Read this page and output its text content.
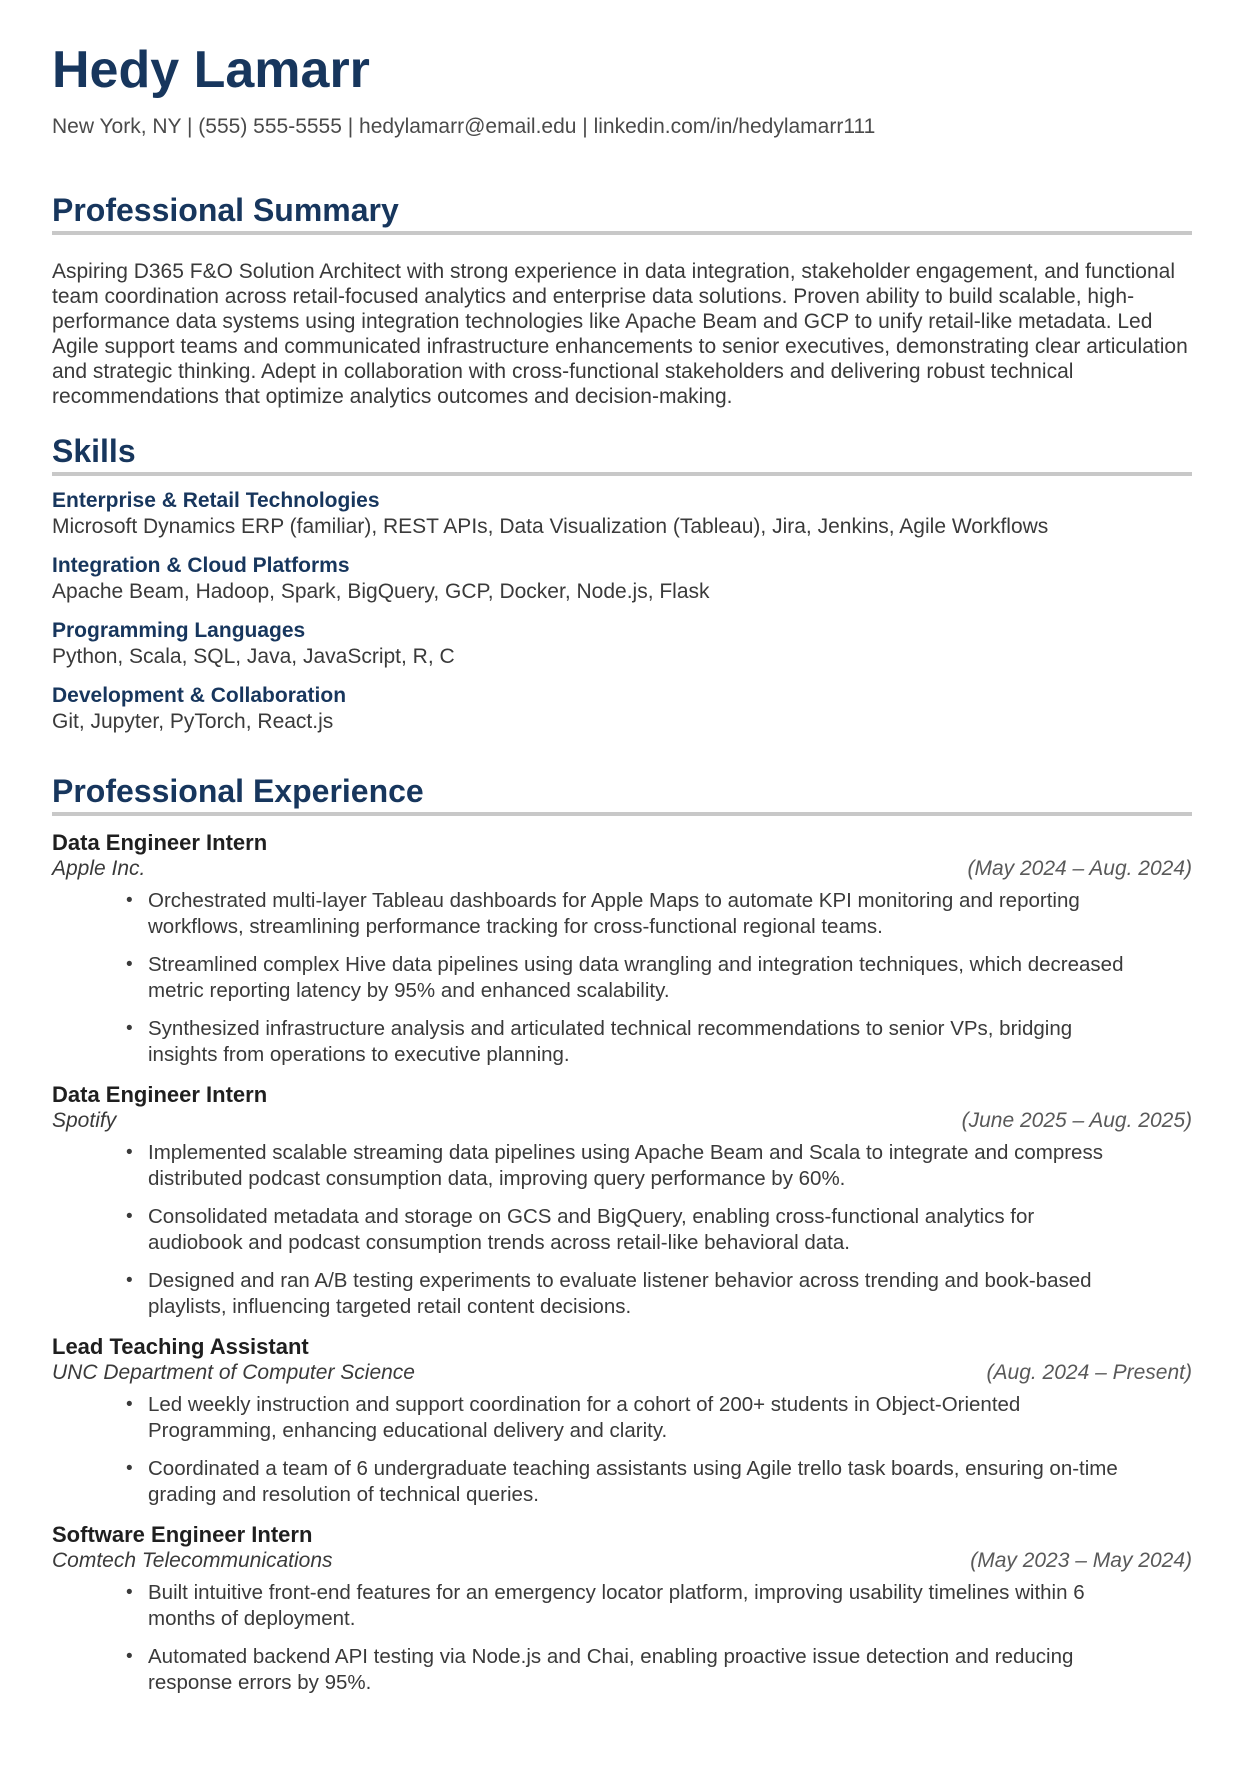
Hedy Lamarr
New York, NY | (555) 555-5555 | hedylamarr@email.edu | linkedin.com/in/hedylamarr111
Professional Summary

Aspiring D365 F&O Solution Architect with strong experience in data integration, stakeholder engagement, and functional team coordination across retail-focused analytics and enterprise data solutions. Proven ability to build scalable, high-performance data systems using integration technologies like Apache Beam and GCP to unify retail-like metadata. Led Agile support teams and communicated infrastructure enhancements to senior executives, demonstrating clear articulation and strategic thinking. Adept in collaboration with cross-functional stakeholders and delivering robust technical recommendations that optimize analytics outcomes and decision-making.

Skills
Enterprise & Retail Technologies

Microsoft Dynamics ERP (familiar), REST APIs, Data Visualization (Tableau), Jira, Jenkins, Agile Workflows

Integration & Cloud Platforms

Apache Beam, Hadoop, Spark, BigQuery, GCP, Docker, Node.js, Flask

Programming Languages

Python, Scala, SQL, Java, JavaScript, R, C

Development & Collaboration

Git, Jupyter, PyTorch, React.js

Professional Experience
Data Engineer Intern
Apple Inc.	(May 2024 – Aug. 2024)
• Orchestrated multi-layer Tableau dashboards for Apple Maps to automate KPI monitoring and reporting workflows, streamlining performance tracking for cross-functional regional teams.
• Streamlined complex Hive data pipelines using data wrangling and integration techniques, which decreased metric reporting latency by 95% and enhanced scalability.
• Synthesized infrastructure analysis and articulated technical recommendations to senior VPs, bridging insights from operations to executive planning.
Data Engineer Intern
Spotify	(June 2025 – Aug. 2025)
• Implemented scalable streaming data pipelines using Apache Beam and Scala to integrate and compress distributed podcast consumption data, improving query performance by 60%.
• Consolidated metadata and storage on GCS and BigQuery, enabling cross-functional analytics for audiobook and podcast consumption trends across retail-like behavioral data.
• Designed and ran A/B testing experiments to evaluate listener behavior across trending and book-based playlists, influencing targeted retail content decisions.
Lead Teaching Assistant
UNC Department of Computer Science	(Aug. 2024 – Present)
• Led weekly instruction and support coordination for a cohort of 200+ students in Object-Oriented Programming, enhancing educational delivery and clarity.
• Coordinated a team of 6 undergraduate teaching assistants using Agile trello task boards, ensuring on-time grading and resolution of technical queries.
Software Engineer Intern
Comtech Telecommunications	(May 2023 – May 2024)
• Built intuitive front-end features for an emergency locator platform, improving usability timelines within 6 months of deployment.
• Automated backend API testing via Node.js and Chai, enabling proactive issue detection and reducing response errors by 95%.
